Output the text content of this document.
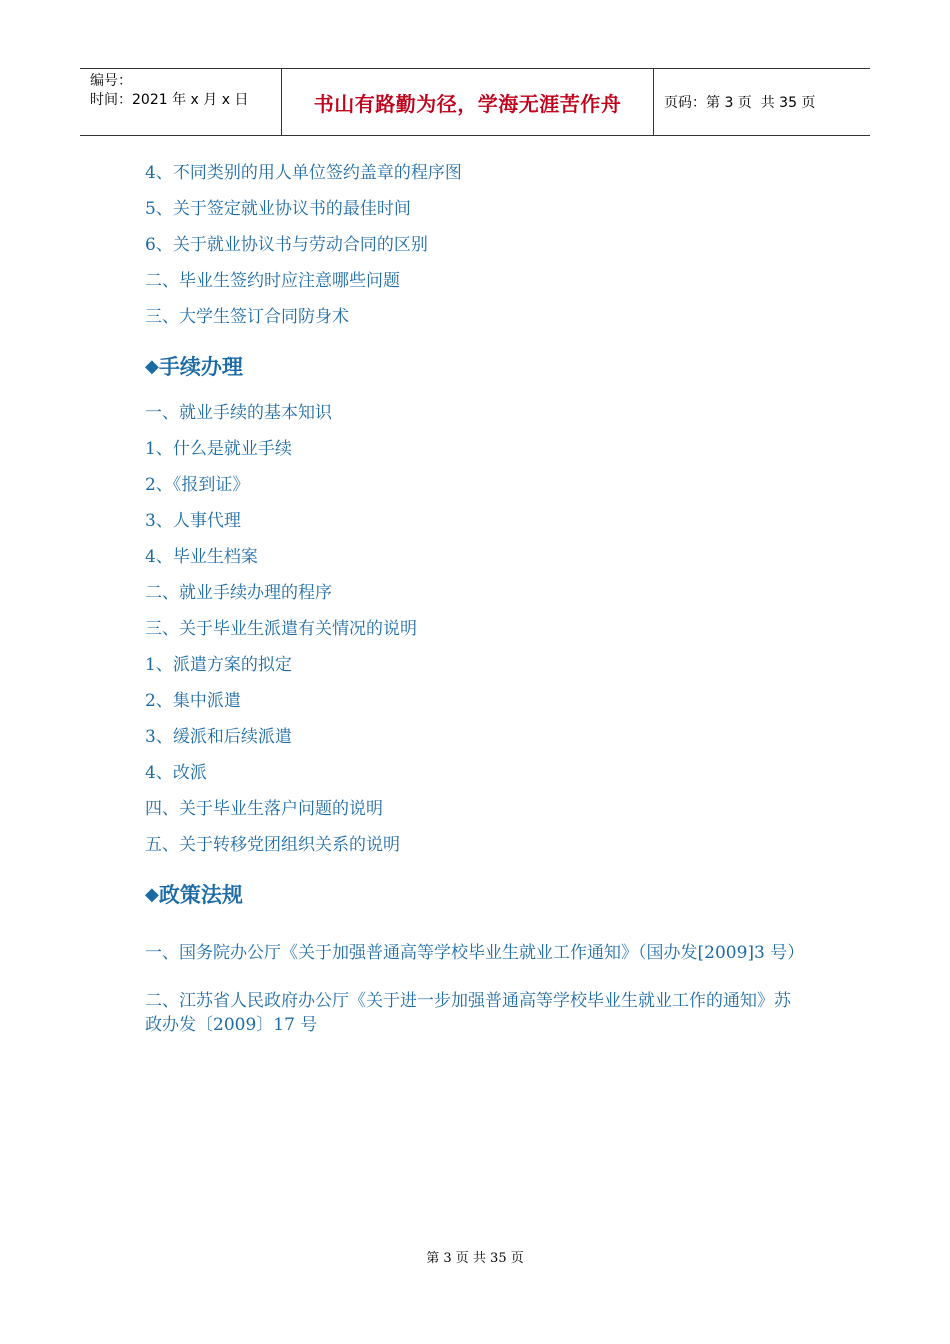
编号：
时间：2021 年 x 月 x 日	书山有路勤为径，学海无涯苦作舟	页码：第 3 页  共 35 页
4、不同类别的用人单位签约盖章的程序图
5、关于签定就业协议书的最佳时间
6、关于就业协议书与劳动合同的区别
二、毕业生签约时应注意哪些问题
三、大学生签订合同防身术
◆手续办理
一、就业手续的基本知识
1、什么是就业手续
2、《报到证》
3、人事代理
4、毕业生档案
二、就业手续办理的程序
三、关于毕业生派遣有关情况的说明
1、派遣方案的拟定
2、集中派遣
3、缓派和后续派遣
4、改派
四、关于毕业生落户问题的说明
五、关于转移党团组织关系的说明
◆政策法规
一、国务院办公厅《关于加强普通高等学校毕业生就业工作通知》（国办发[2009]3 号）
二、江苏省人民政府办公厅《关于进一步加强普通高等学校毕业生就业工作的通知》苏政办发〔2009〕17 号
第 3 页 共 35 页
